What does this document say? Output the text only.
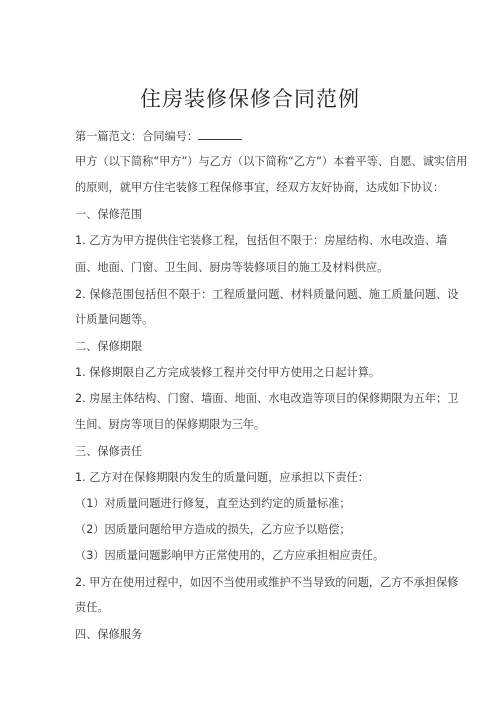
住房装修保修合同范例
第一篇范文：合同编号：
甲方（以下简称“甲方”）与乙方（以下简称“乙方”）本着平等、自愿、诚实信用
的原则，就甲方住宅装修工程保修事宜，经双方友好协商，达成如下协议：
一、保修范围
1. 乙方为甲方提供住宅装修工程，包括但不限于：房屋结构、水电改造、墙
面、地面、门窗、卫生间、厨房等装修项目的施工及材料供应。
2. 保修范围包括但不限于：工程质量问题、材料质量问题、施工质量问题、设
计质量问题等。
二、保修期限
1. 保修期限自乙方完成装修工程并交付甲方使用之日起计算。
2. 房屋主体结构、门窗、墙面、地面、水电改造等项目的保修期限为五年；卫
生间、厨房等项目的保修期限为三年。
三、保修责任
1. 乙方对在保修期限内发生的质量问题，应承担以下责任：
（1）对质量问题进行修复，直至达到约定的质量标准；
（2）因质量问题给甲方造成的损失，乙方应予以赔偿；
（3）因质量问题影响甲方正常使用的，乙方应承担相应责任。
2. 甲方在使用过程中，如因不当使用或维护不当导致的问题，乙方不承担保修
责任。
四、保修服务
